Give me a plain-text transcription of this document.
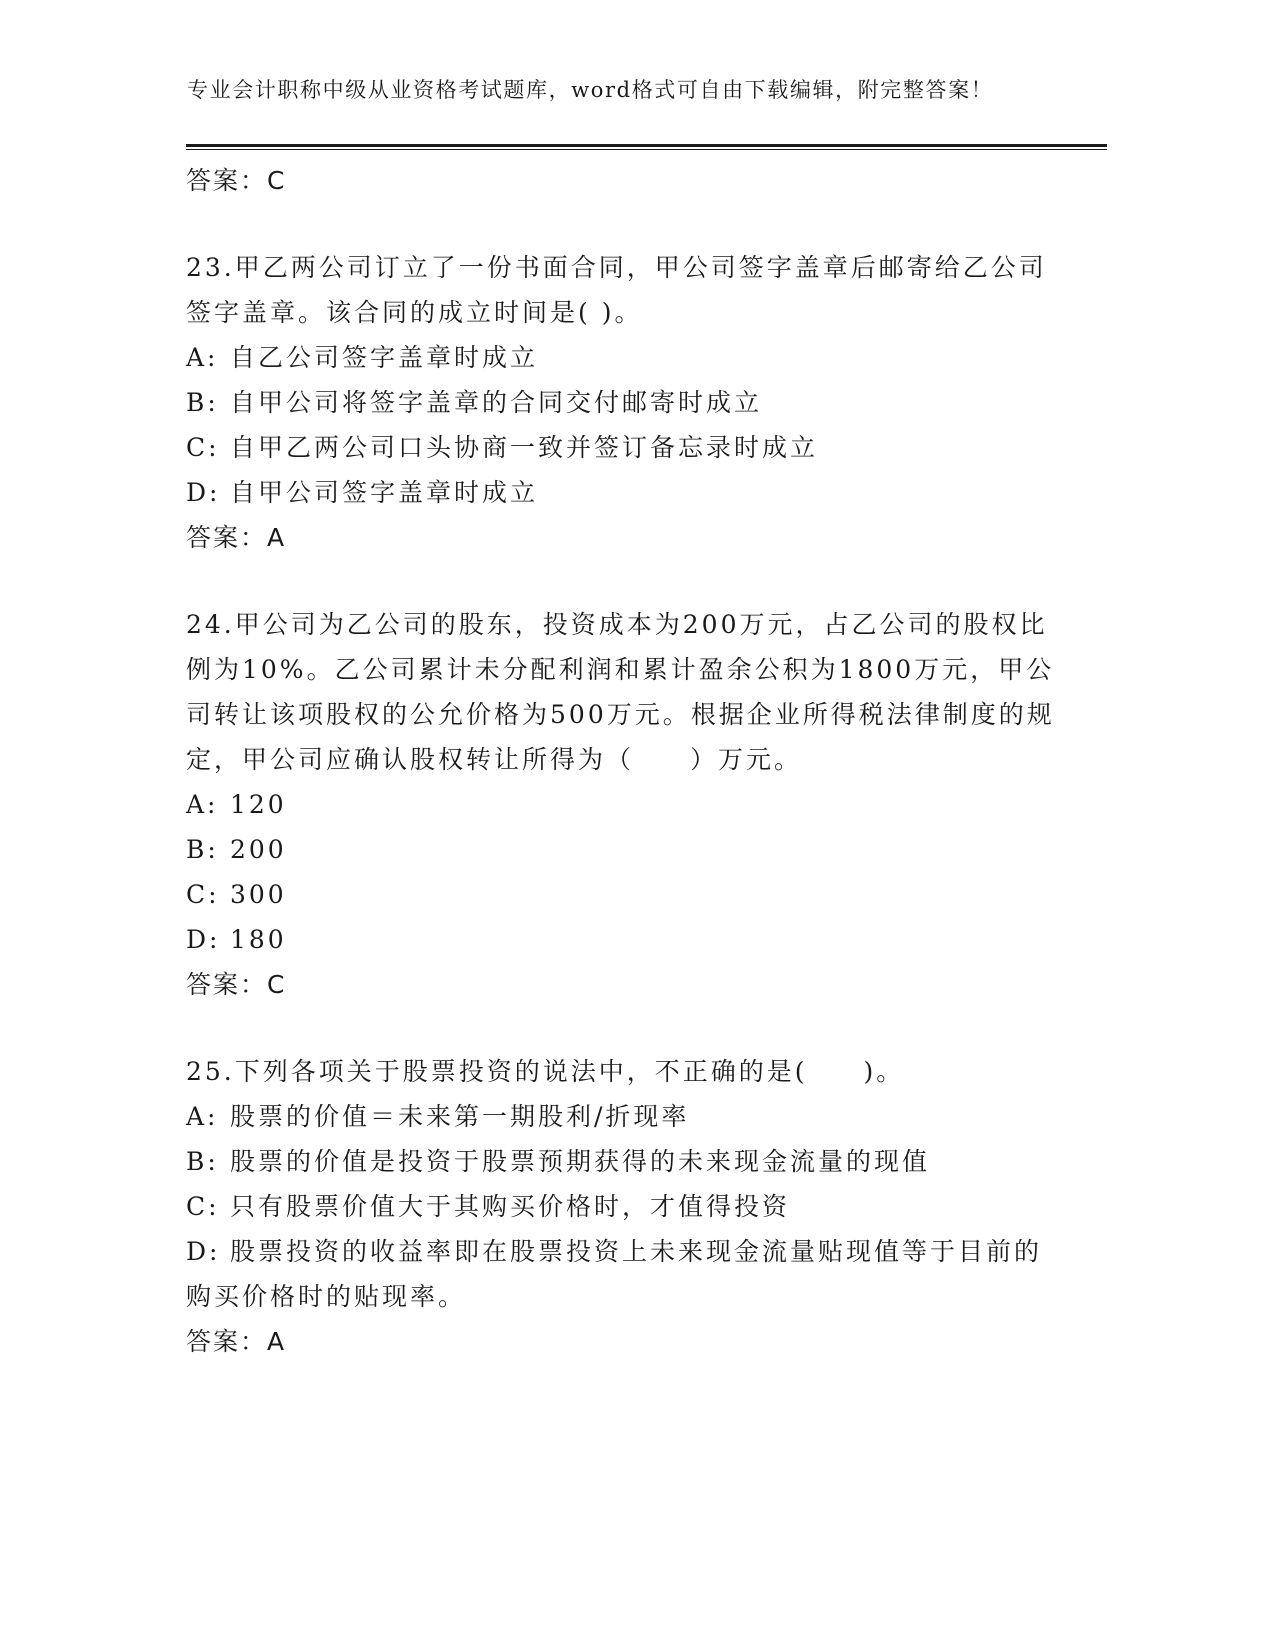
专业会计职称中级从业资格考试题库，word格式可自由下载编辑，附完整答案！
答案：C

23.甲乙两公司订立了一份书面合同，甲公司签字盖章后邮寄给乙公司签字盖章。该合同的成立时间是( )。

A: 自乙公司签字盖章时成立
B: 自甲公司将签字盖章的合同交付邮寄时成立
C: 自甲乙两公司口头协商一致并签订备忘录时成立
D: 自甲公司签字盖章时成立
答案：A

24.甲公司为乙公司的股东，投资成本为200万元，占乙公司的股权比例为10%。乙公司累计未分配利润和累计盈余公积为1800万元，甲公司转让该项股权的公允价格为500万元。根据企业所得税法律制度的规定，甲公司应确认股权转让所得为（　　）万元。

A: 120
B: 200
C: 300
D: 180
答案：C

25.下列各项关于股票投资的说法中，不正确的是(　　)。

A: 股票的价值＝未来第一期股利/折现率
B: 股票的价值是投资于股票预期获得的未来现金流量的现值
C: 只有股票价值大于其购买价格时，才值得投资
D: 股票投资的收益率即在股票投资上未来现金流量贴现值等于目前的购买价格时的贴现率。
答案：A
